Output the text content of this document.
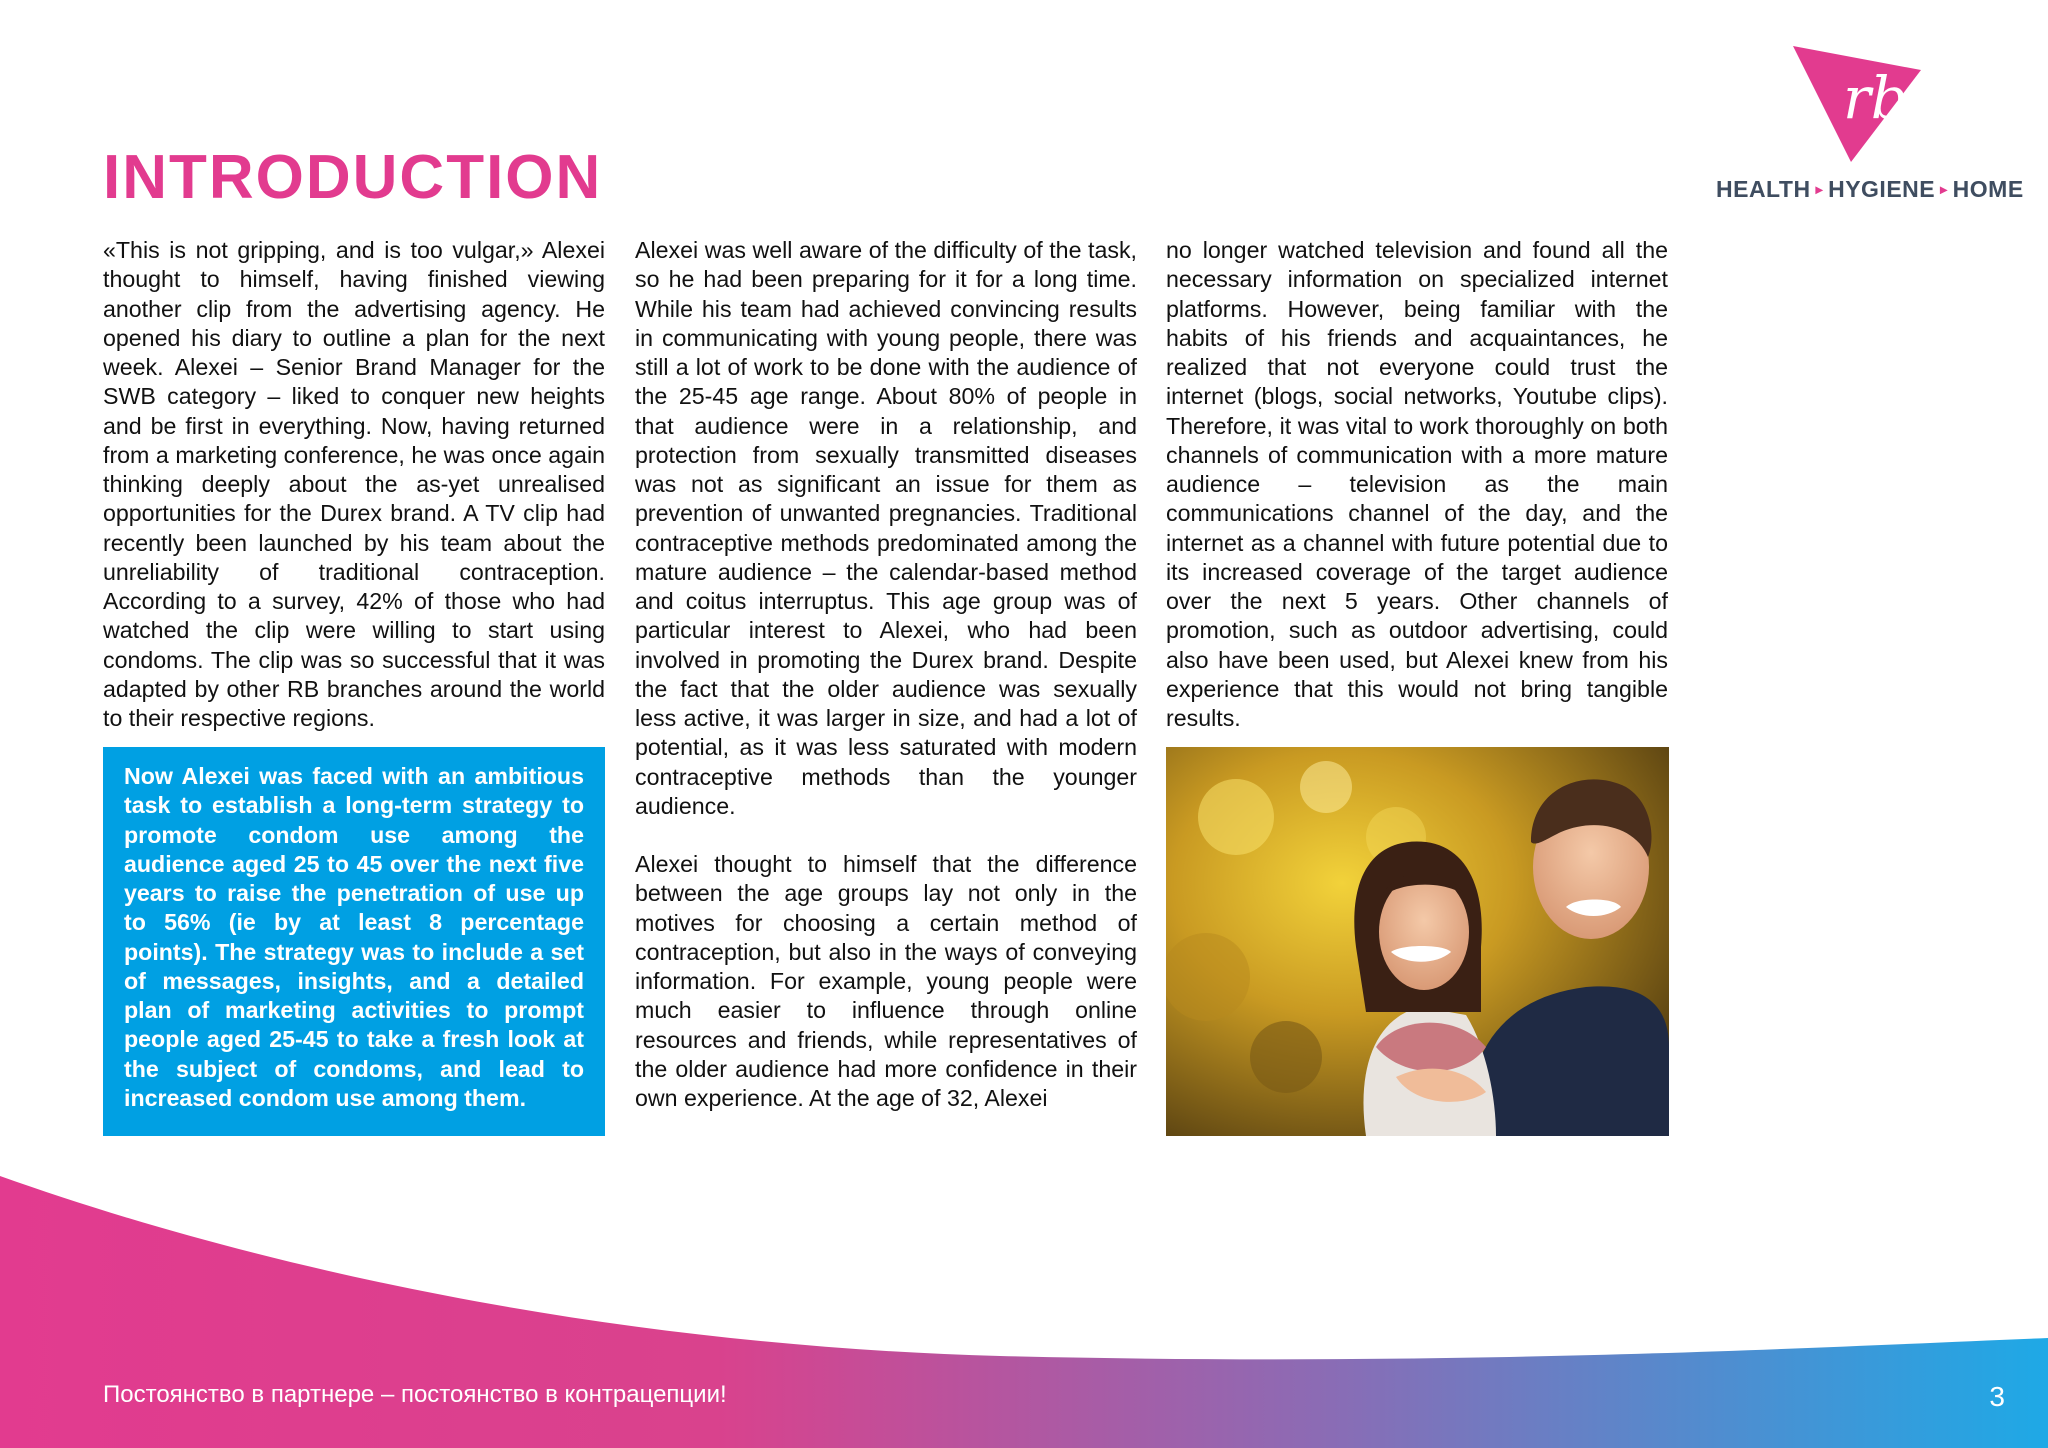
INTRODUCTION
rb
HEALTH ▸ HYGIENE ▸ HOME

«This is not gripping, and is too vulgar,» Alexei thought to himself, having finished viewing another clip from the advertising agency. He opened his diary to outline a plan for the next week. Alexei – Senior Brand Manager for the SWB category – liked to conquer new heights and be first in everything. Now, having returned from a marketing conference, he was once again thinking deeply about the as-yet unrealised opportunities for the Durex brand. A TV clip had recently been launched by his team about the unreliability of traditional contraception. According to a survey, 42% of those who had watched the clip were willing to start using condoms. The clip was so successful that it was adapted by other RB branches around the world to their respective regions.

Now Alexei was faced with an ambitious task to establish a long-term strategy to promote condom use among the audience aged 25 to 45 over the next five years to raise the penetration of use up to 56% (ie by at least 8 percentage points). The strategy was to include a set of messages, insights, and a detailed plan of marketing activities to prompt people aged 25-45 to take a fresh look at the subject of condoms, and lead to increased condom use among them.

Alexei was well aware of the difficulty of the task, so he had been preparing for it for a long time. While his team had achieved convincing results in communicating with young people, there was still a lot of work to be done with the audience of the 25-45 age range. About 80% of people in that audience were in a relationship, and protection from sexually transmitted diseases was not as significant an issue for them as prevention of unwanted pregnancies. Traditional contraceptive methods predominated among the mature audience – the calendar-based method and coitus interruptus. This age group was of particular interest to Alexei, who had been involved in promoting the Durex brand. Despite the fact that the older audience was sexually less active, it was larger in size, and had a lot of potential, as it was less saturated with modern contraceptive methods than the younger audience.

Alexei thought to himself that the difference between the age groups lay not only in the motives for choosing a certain method of contraception, but also in the ways of conveying information. For example, young people were much easier to influence through online resources and friends, while representatives of the older audience had more confidence in their own experience. At the age of 32, Alexei

no longer watched television and found all the necessary information on specialized internet platforms. However, being familiar with the habits of his friends and acquaintances, he realized that not everyone could trust the internet (blogs, social networks, Youtube clips). Therefore, it was vital to work thoroughly on both channels of communication with a more mature audience – television as the main communications channel of the day, and the internet as a channel with future potential due to its increased coverage of the target audience over the next 5 years. Other channels of promotion, such as outdoor advertising, could also have been used, but Alexei knew from his experience that this would not bring tangible results.

Постоянство в партнере – постоянство в контрацепции!	3
